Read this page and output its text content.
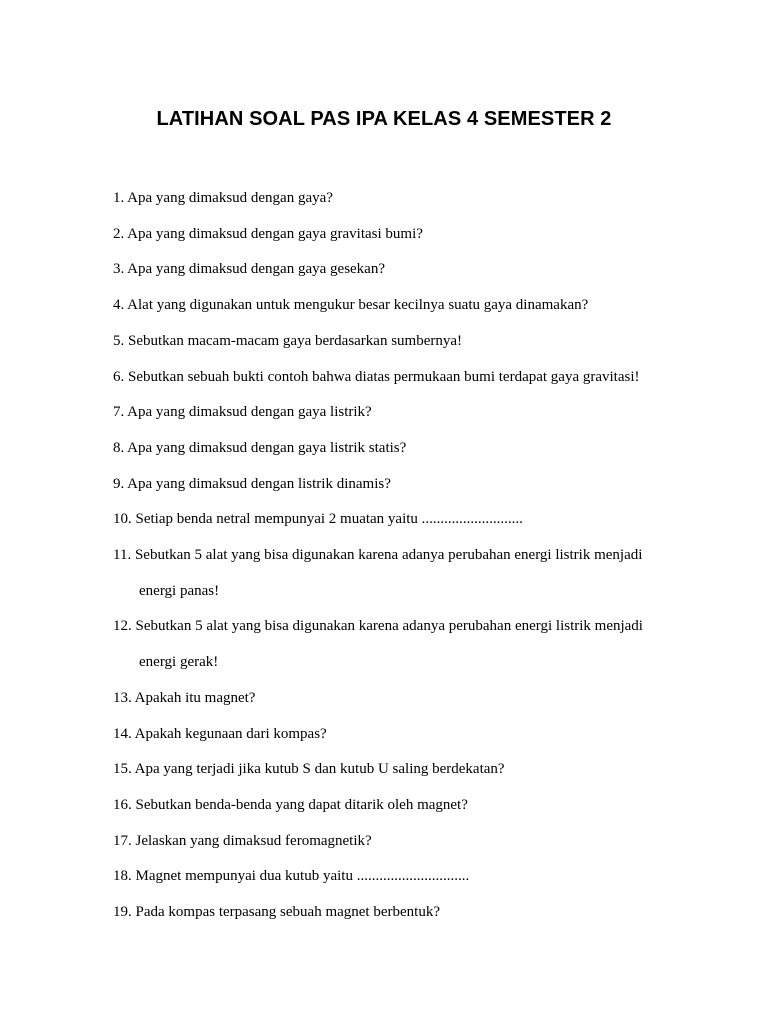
LATIHAN SOAL PAS IPA KELAS 4 SEMESTER 2
1. Apa yang dimaksud dengan gaya?
2. Apa yang dimaksud dengan gaya gravitasi bumi?
3. Apa yang dimaksud dengan gaya gesekan?
4. Alat yang digunakan untuk mengukur besar kecilnya suatu gaya dinamakan?
5. Sebutkan macam-macam gaya berdasarkan sumbernya!
6. Sebutkan sebuah bukti contoh bahwa diatas permukaan bumi terdapat gaya gravitasi!
7. Apa yang dimaksud dengan gaya listrik?
8. Apa yang dimaksud dengan gaya listrik statis?
9. Apa yang dimaksud dengan listrik dinamis?
10. Setiap benda netral mempunyai 2 muatan yaitu ...........................
11. Sebutkan 5 alat yang bisa digunakan karena adanya perubahan energi listrik menjadi
energi panas!
12. Sebutkan 5 alat yang bisa digunakan karena adanya perubahan energi listrik menjadi
energi gerak!
13. Apakah itu magnet?
14. Apakah kegunaan dari kompas?
15. Apa yang terjadi jika kutub S dan kutub U saling berdekatan?
16. Sebutkan benda-benda yang dapat ditarik oleh magnet?
17. Jelaskan yang dimaksud feromagnetik?
18. Magnet mempunyai dua kutub yaitu ..............................
19. Pada kompas terpasang sebuah magnet berbentuk?
